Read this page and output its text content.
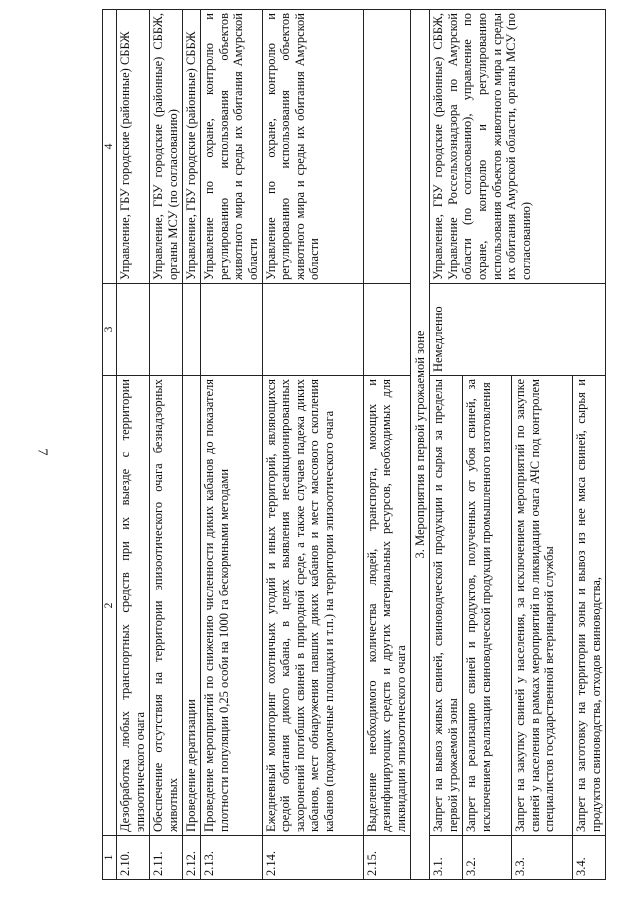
7
1	2	3	4
2.10.	Дезобработка любых транспортных средств при их выезде с территории эпизоотического очага		Управление, ГБУ городские (районные) СББЖ
2.11.	Обеспечение отсутствия на территории эпизоотического очага безнадзорных животных		Управление, ГБУ городские (районные) СББЖ, органы МСУ (по согласованию)
2.12.	Проведение дератизации		Управление, ГБУ городские (районные) СББЖ
2.13.	Проведение мероприятий по снижению численности диких кабанов до показателя плотности популяции 0,25 особи на 1000 га бескормными методами		Управление по охране, контролю и регулированию использования объектов животного мира и среды их обитания Амурской области
2.14.	Ежедневный мониторинг охотничьих угодий и иных территорий, являющихся средой обитания дикого кабана, в целях выявления несанкционированных захоронений погибших свиней в природной среде, а также случаев падежа диких кабанов, мест обнаружения павших диких кабанов и мест массового скопления кабанов (подкормочные площадки и т.п.) на территории эпизоотического очага		Управление по охране, контролю и регулированию использования объектов животного мира и среды их обитания Амурской области
2.15.	Выделение необходимого количества людей, транспорта, моющих и дезинфицирующих средств и других материальных ресурсов, необходимых для ликвидации эпизоотического очага		
3. Мероприятия в первой угрожаемой зоне			
3.1.	Запрет на вывоз живых свиней, свиноводческой продукции и сырья за пределы первой угрожаемой зоны	Немедленно	Управление, ГБУ городские (районные) СББЖ, Управление Россельхознадзора по Амурской области (по согласованию), управление по охране, контролю и регулированию использования объектов животного мира и среды их обитания Амурской области, органы МСУ (по согласованию)
3.2.	Запрет на реализацию свиней и продуктов, полученных от убоя свиней, за исключением реализации свиноводческой продукции промышленного изготовления		
3.3.	Запрет на закупку свиней у населения, за исключением мероприятий по закупке свиней у населения в рамках мероприятий по ликвидации очага АЧС под контролем специалистов государственной ветеринарной службы		
3.4.	Запрет на заготовку на территории зоны и вывоз из нее мяса свиней, сырья и продуктов свиноводства, отходов свиноводства,		
